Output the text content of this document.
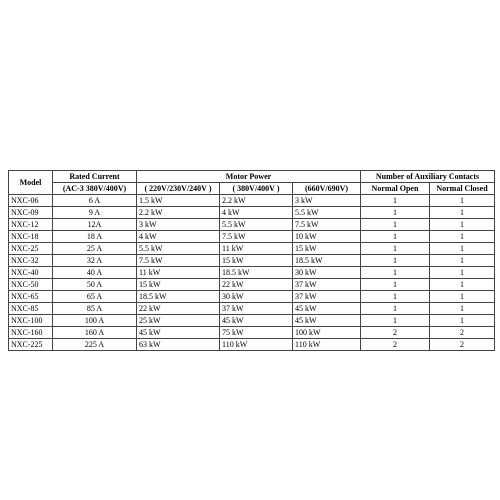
Model	Rated Current	Motor Power			Number of Auxiliary Contacts	
	(AC-3 380V/400V)	( 220V/230V/240V )	( 380V/400V )	(660V/690V)	Normal Open	Normal Closed
NXC-06	6 A	1.5 kW	2.2 kW	3 kW	1	1
NXC-09	9 A	2.2 kW	4 kW	5.5 kW	1	1
NXC-12	12A	3 kW	5.5 kW	7.5 kW	1	1
NXC-18	18 A	4 kW	7.5 kW	10 kW	1	1
NXC-25	25 A	5.5 kW	11 kW	15 kW	1	1
NXC-32	32 A	7.5 kW	15 kW	18.5 kW	1	1
NXC-40	40 A	11 kW	18.5 kW	30 kW	1	1
NXC-50	50 A	15 kW	22 kW	37 kW	1	1
NXC-65	65 A	18.5 kW	30 kW	37 kW	1	1
NXC-85	85 A	22 kW	37 kW	45 kW	1	1
NXC-100	100 A	25 kW	45 kW	45 kW	1	1
NXC-160	160 A	45 kW	75 kW	100 kW	2	2
NXC-225	225 A	63 kW	110 kW	110 kW	2	2
